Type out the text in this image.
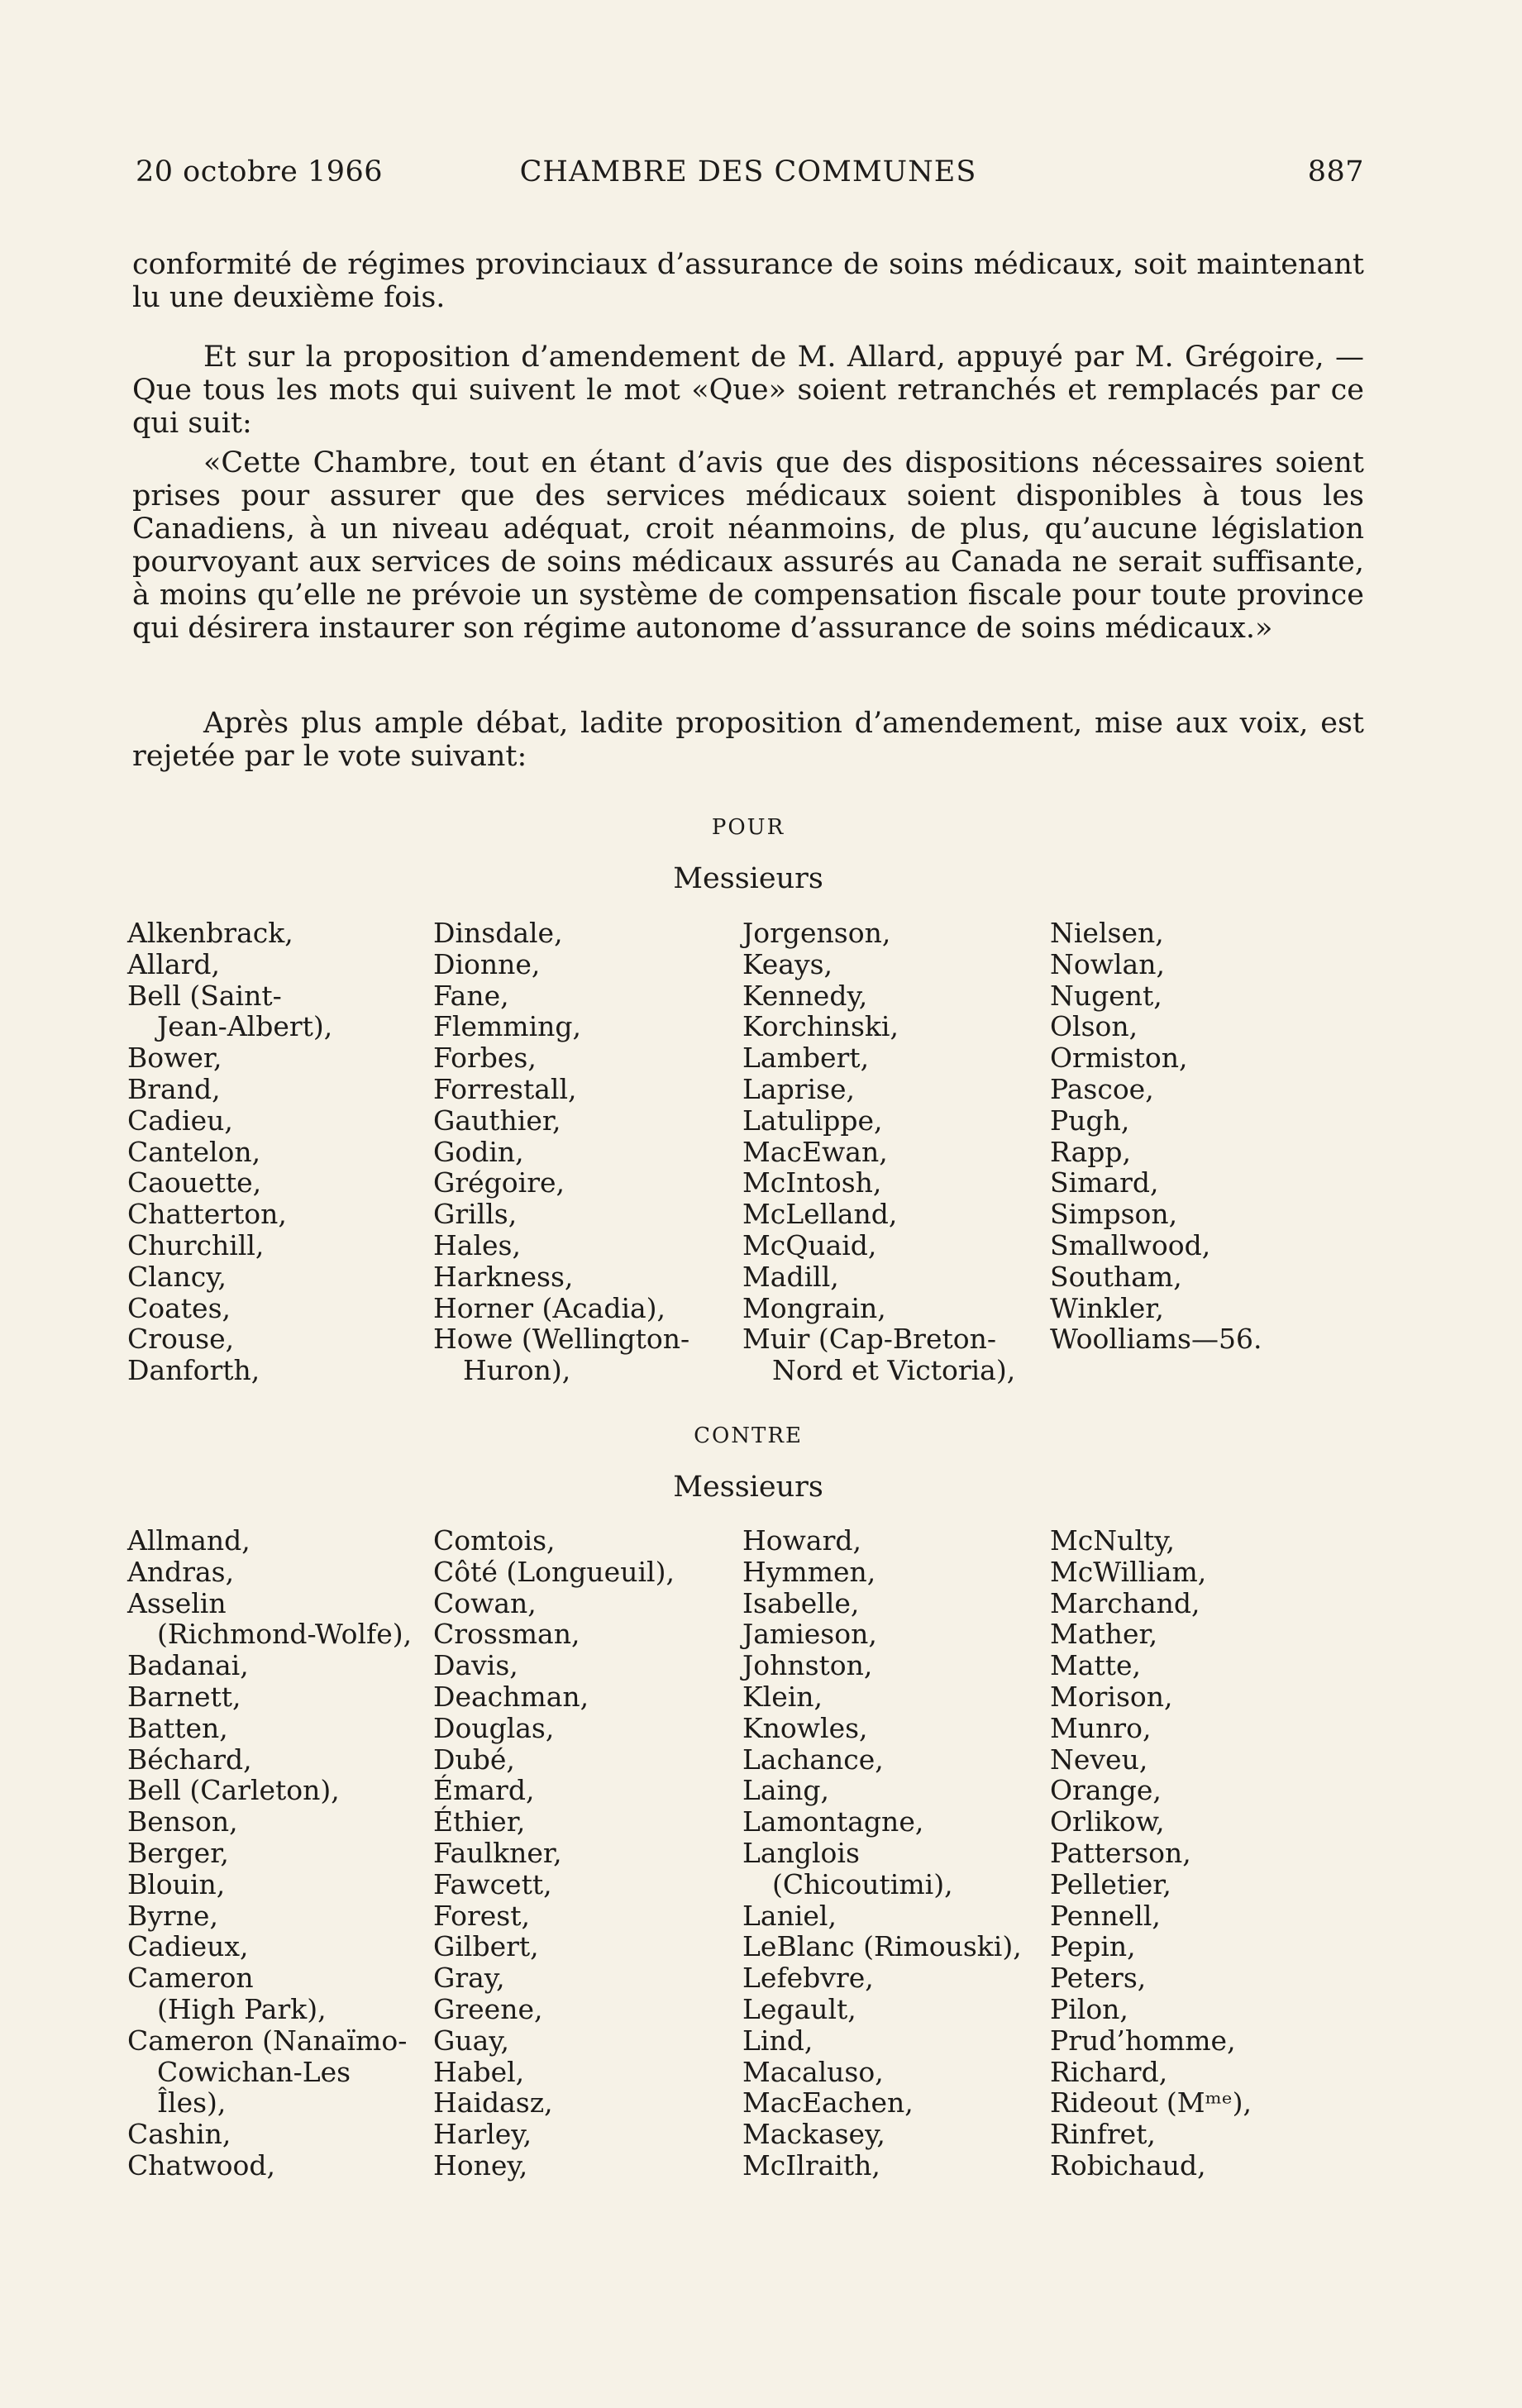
20 octobre 1966	CHAMBRE DES COMMUNES	887

conformité de régimes provinciaux d’assurance de soins médicaux, soit maintenant lu une deuxième fois.

Et sur la proposition d’amendement de M. Allard, appuyé par M. Grégoire, —Que tous les mots qui suivent le mot «Que» soient retranchés et remplacés par ce qui suit:

«Cette Chambre, tout en étant d’avis que des dispositions nécessaires soient prises pour assurer que des services médicaux soient disponibles à tous les Canadiens, à un niveau adéquat, croit néanmoins, de plus, qu’aucune législation pourvoyant aux services de soins médicaux assurés au Canada ne serait suffisante, à moins qu’elle ne prévoie un système de compensation fiscale pour toute province qui désirera instaurer son régime autonome d’assurance de soins médicaux.»

Après plus ample débat, ladite proposition d’amendement, mise aux voix, est rejetée par le vote suivant:

POUR
Messieurs
Alkenbrack,
Allard,
Bell (Saint-
Jean-Albert),
Bower,
Brand,
Cadieu,
Cantelon,
Caouette,
Chatterton,
Churchill,
Clancy,
Coates,
Crouse,
Danforth,
Dinsdale,
Dionne,
Fane,
Flemming,
Forbes,
Forrestall,
Gauthier,
Godin,
Grégoire,
Grills,
Hales,
Harkness,
Horner (Acadia),
Howe (Wellington-
Huron),
Jorgenson,
Keays,
Kennedy,
Korchinski,
Lambert,
Laprise,
Latulippe,
MacEwan,
McIntosh,
McLelland,
McQuaid,
Madill,
Mongrain,
Muir (Cap-Breton-
Nord et Victoria),
Nielsen,
Nowlan,
Nugent,
Olson,
Ormiston,
Pascoe,
Pugh,
Rapp,
Simard,
Simpson,
Smallwood,
Southam,
Winkler,
Woolliams—56.
CONTRE
Messieurs
Allmand,
Andras,
Asselin
(Richmond-Wolfe),
Badanai,
Barnett,
Batten,
Béchard,
Bell (Carleton),
Benson,
Berger,
Blouin,
Byrne,
Cadieux,
Cameron
(High Park),
Cameron (Nanaïmo-
Cowichan-Les
Îles),
Cashin,
Chatwood,
Comtois,
Côté (Longueuil),
Cowan,
Crossman,
Davis,
Deachman,
Douglas,
Dubé,
Émard,
Éthier,
Faulkner,
Fawcett,
Forest,
Gilbert,
Gray,
Greene,
Guay,
Habel,
Haidasz,
Harley,
Honey,
Howard,
Hymmen,
Isabelle,
Jamieson,
Johnston,
Klein,
Knowles,
Lachance,
Laing,
Lamontagne,
Langlois
(Chicoutimi),
Laniel,
LeBlanc (Rimouski),
Lefebvre,
Legault,
Lind,
Macaluso,
MacEachen,
Mackasey,
McIlraith,
McNulty,
McWilliam,
Marchand,
Mather,
Matte,
Morison,
Munro,
Neveu,
Orange,
Orlikow,
Patterson,
Pelletier,
Pennell,
Pepin,
Peters,
Pilon,
Prud’homme,
Richard,
Rideout (Mᵐᵉ),
Rinfret,
Robichaud,
